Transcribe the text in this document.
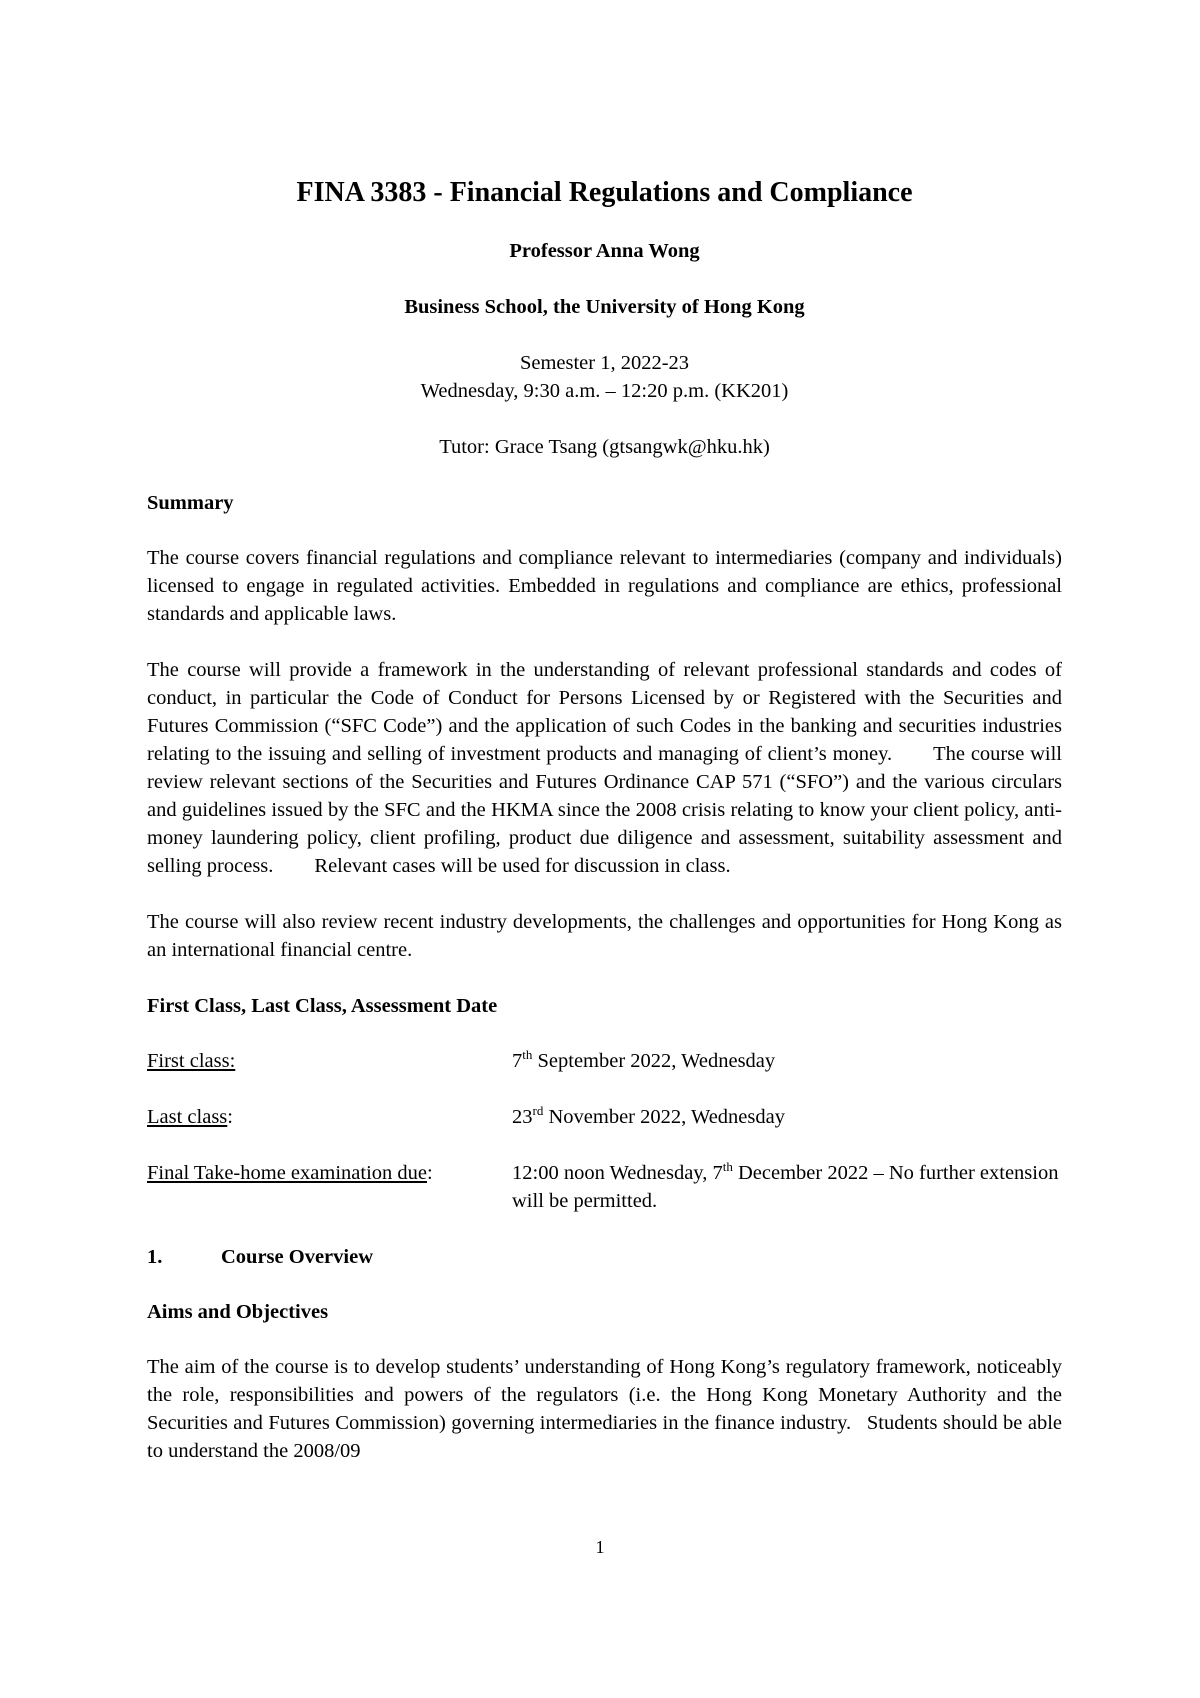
FINA 3383 - Financial Regulations and Compliance

Professor Anna Wong

Business School, the University of Hong Kong

Semester 1, 2022-23

Wednesday, 9:30 a.m. – 12:20 p.m. (KK201)

Tutor: Grace Tsang (gtsangwk@hku.hk)

Summary

The course covers financial regulations and compliance relevant to intermediaries (company and individuals) licensed to engage in regulated activities. Embedded in regulations and compliance are ethics, professional standards and applicable laws.

The course will provide a framework in the understanding of relevant professional standards and codes of conduct, in particular the Code of Conduct for Persons Licensed by or Registered with the Securities and Futures Commission (“SFC Code”) and the application of such Codes in the banking and securities industries relating to the issuing and selling of investment products and managing of client’s money.  The course will review relevant sections of the Securities and Futures Ordinance CAP 571 (“SFO”) and the various circulars and guidelines issued by the SFC and the HKMA since the 2008 crisis relating to know your client policy, anti-money laundering policy, client profiling, product due diligence and assessment, suitability assessment and selling process.  Relevant cases will be used for discussion in class.

The course will also review recent industry developments, the challenges and opportunities for Hong Kong as an international financial centre.

First Class, Last Class, Assessment Date

First class:	7th September 2022, Wednesday
Last class:	23rd November 2022, Wednesday
Final Take-home examination due:	12:00 noon Wednesday, 7th December 2022 – No further extension will be permitted.
1.	Course Overview

Aims and Objectives

The aim of the course is to develop students’ understanding of Hong Kong’s regulatory framework, noticeably the role, responsibilities and powers of the regulators (i.e. the Hong Kong Monetary Authority and the Securities and Futures Commission) governing intermediaries in the finance industry.  Students should be able to understand the 2008/09

1
